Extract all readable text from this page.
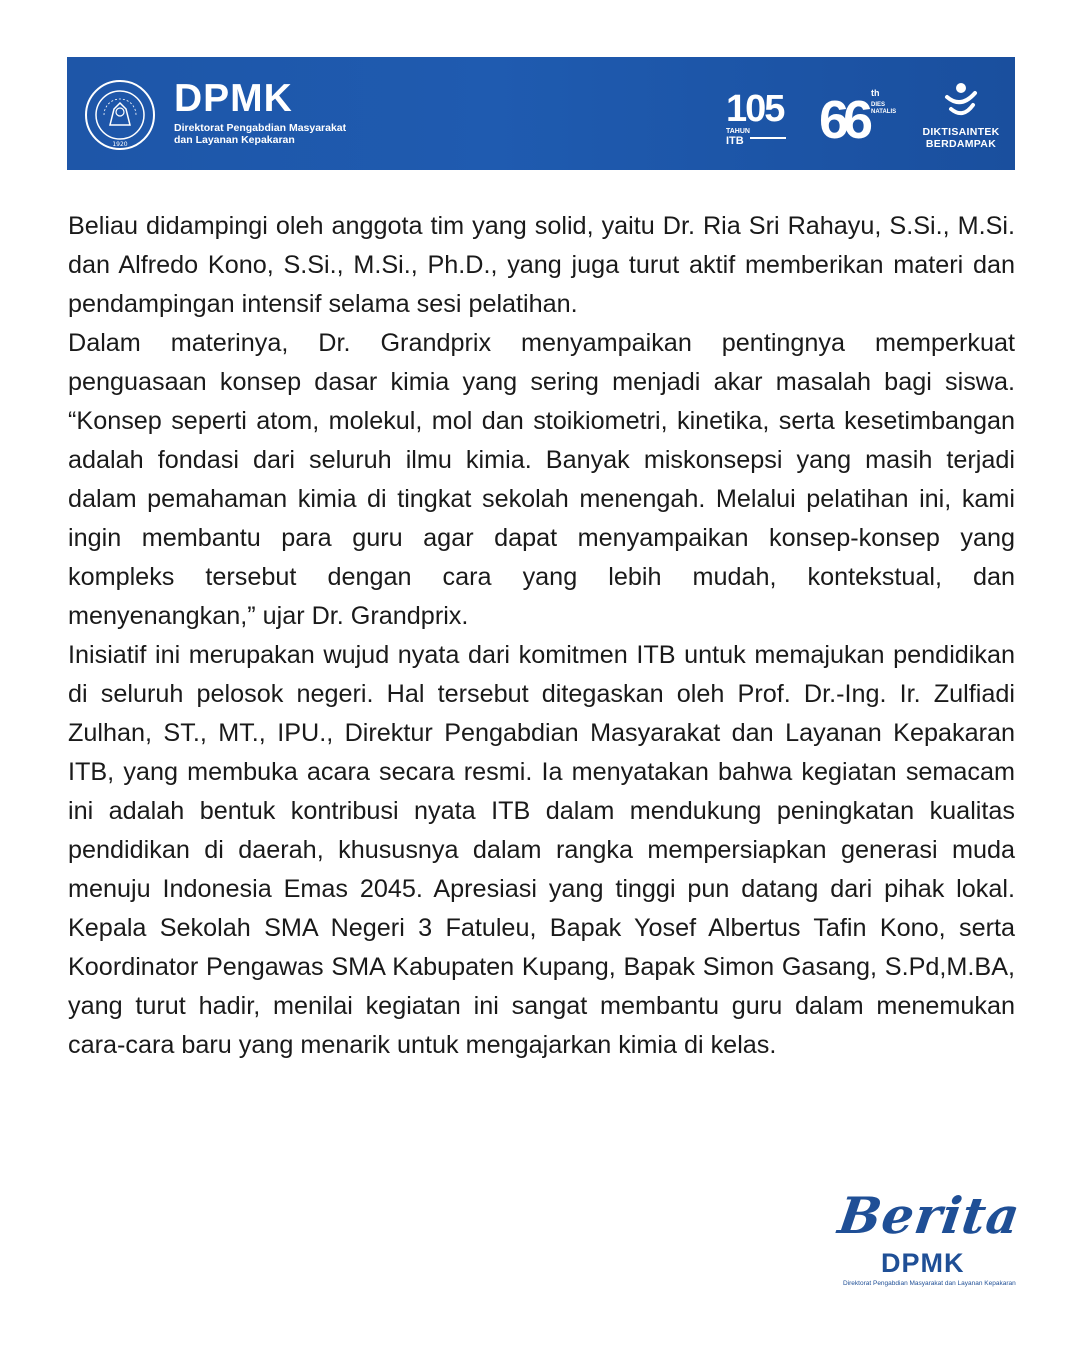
1920
DPMK
Direktorat Pengabdian Masyarakat
dan Layanan Kepakaran
105
TAHUN
ITB 66 th
DIES
NATALIS
DIKTISAINTEK
BERDAMPAK

Beliau didampingi oleh anggota tim yang solid, yaitu Dr. Ria Sri Rahayu, S.Si., M.Si. dan Alfredo Kono, S.Si., M.Si., Ph.D., yang juga turut aktif memberikan materi dan pendampingan intensif selama sesi pelatihan.

Dalam materinya, Dr. Grandprix menyampaikan pentingnya memperkuat penguasaan konsep dasar kimia yang sering menjadi akar masalah bagi siswa. “Konsep seperti atom, molekul, mol dan stoikiometri, kinetika, serta kesetimbangan adalah fondasi dari seluruh ilmu kimia. Banyak miskonsepsi yang masih terjadi dalam pemahaman kimia di tingkat sekolah menengah. Melalui pelatihan ini, kami ingin membantu para guru agar dapat menyampaikan konsep-konsep yang kompleks tersebut dengan cara yang lebih mudah, kontekstual, dan menyenangkan,” ujar Dr. Grandprix.

Inisiatif ini merupakan wujud nyata dari komitmen ITB untuk memajukan pendidikan di seluruh pelosok negeri. Hal tersebut ditegaskan oleh Prof. Dr.-Ing. Ir. Zulfiadi Zulhan, ST., MT., IPU., Direktur Pengabdian Masyarakat dan Layanan Kepakaran ITB, yang membuka acara secara resmi. Ia menyatakan bahwa kegiatan semacam ini adalah bentuk kontribusi nyata ITB dalam mendukung peningkatan kualitas pendidikan di daerah, khususnya dalam rangka mempersiapkan generasi muda menuju Indonesia Emas 2045. Apresiasi yang tinggi pun datang dari pihak lokal. Kepala Sekolah SMA Negeri 3 Fatuleu, Bapak Yosef Albertus Tafin Kono, serta Koordinator Pengawas SMA Kabupaten Kupang, Bapak Simon Gasang, S.Pd,M.BA, yang turut hadir, menilai kegiatan ini sangat membantu guru dalam menemukan cara-cara baru yang menarik untuk mengajarkan kimia di kelas.

Berita
DPMK
Direktorat Pengabdian Masyarakat dan Layanan Kepakaran
